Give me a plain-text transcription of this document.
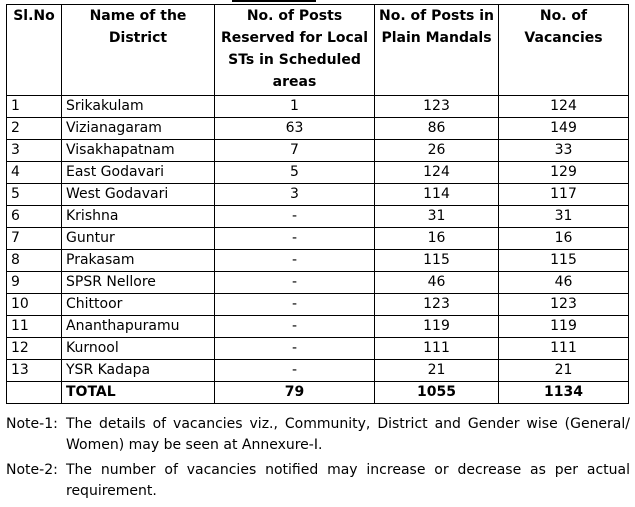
Sl.No	Name of the District	No. of Posts Reserved for Local STs in Scheduled areas	No. of Posts in Plain Mandals	No. of Vacancies
1	Srikakulam	1	123	124
2	Vizianagaram	63	86	149
3	Visakhapatnam	7	26	33
4	East Godavari	5	124	129
5	West Godavari	3	114	117
6	Krishna	-	31	31
7	Guntur	-	16	16
8	Prakasam	-	115	115
9	SPSR Nellore	-	46	46
10	Chittoor	-	123	123
11	Ananthapuramu	-	119	119
12	Kurnool	-	111	111
13	YSR Kadapa	-	21	21
	TOTAL	79	1055	1134
Note-1: The details of vacancies viz., Community, District and Gender wise (General/ Women) may be seen at Annexure-I.
Note-2: The number of vacancies notified may increase or decrease as per actual requirement.
